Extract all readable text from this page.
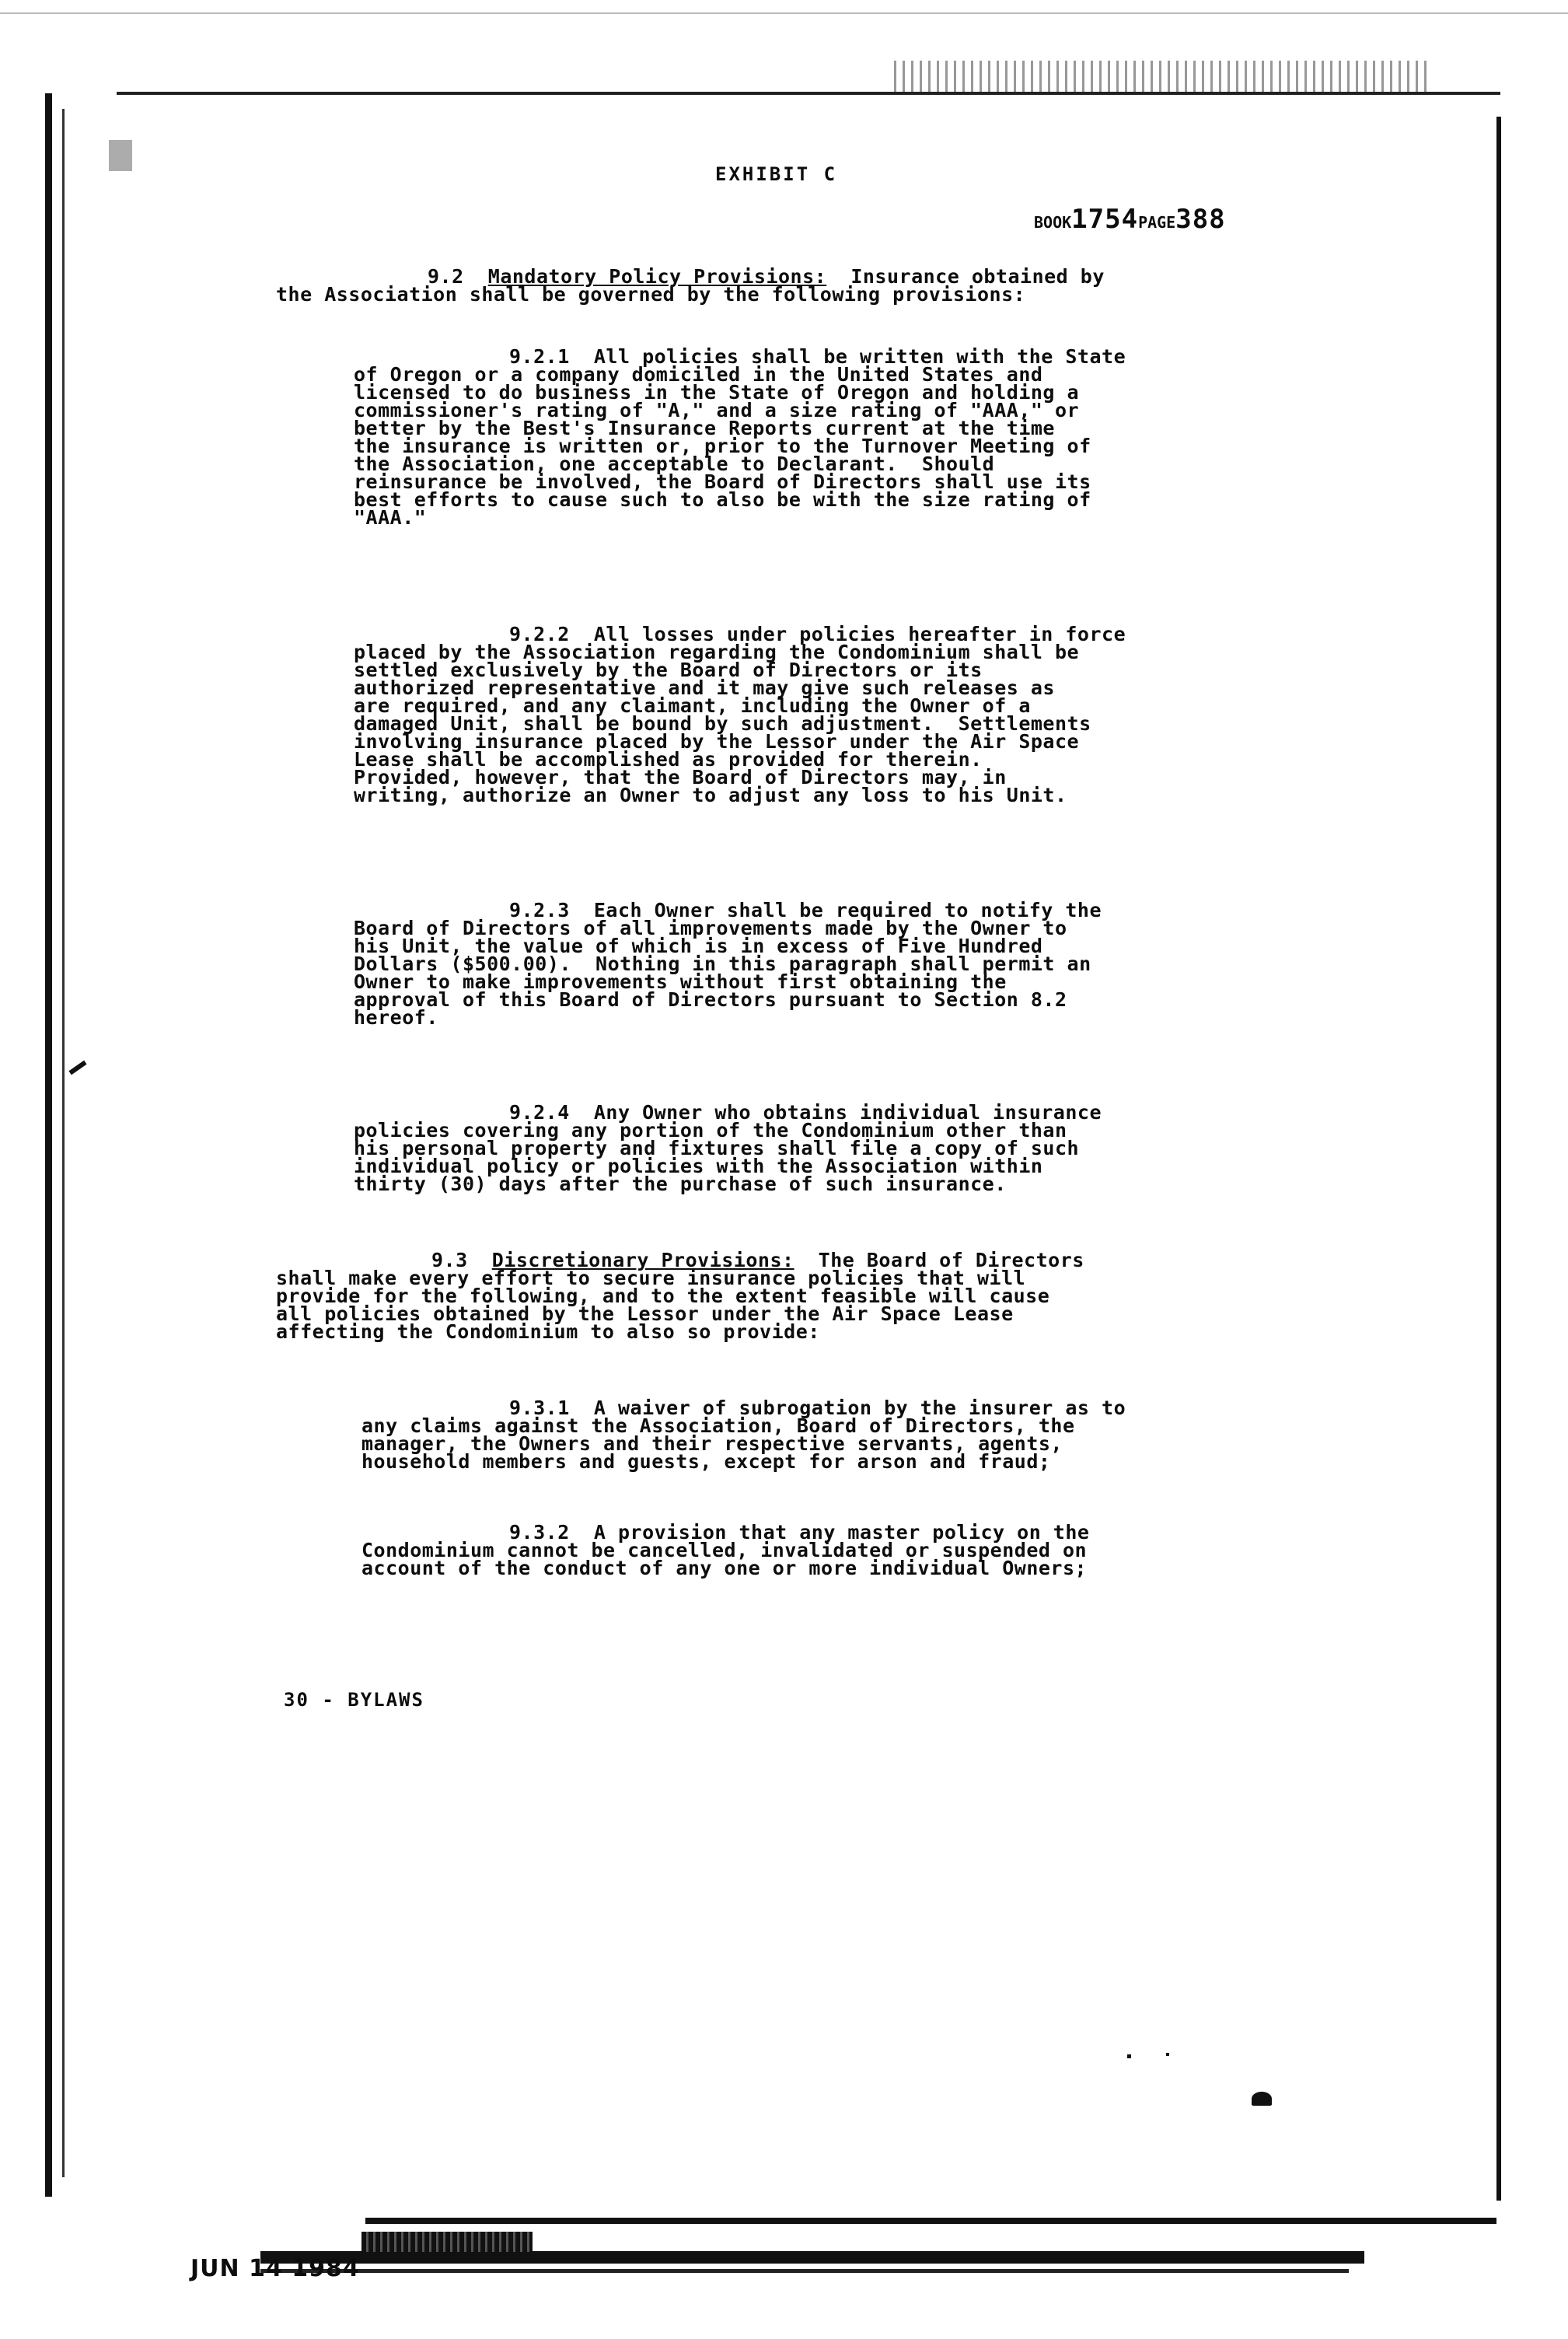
EXHIBIT C
BOOK1754PAGE388
9.2 Mandatory Policy Provisions: Insurance obtained by
the Association shall be governed by the following provisions:
9.2.1  All policies shall be written with the State
of Oregon or a company domiciled in the United States and
licensed to do business in the State of Oregon and holding a
commissioner's rating of "A," and a size rating of "AAA," or
better by the Best's Insurance Reports current at the time
the insurance is written or, prior to the Turnover Meeting of
the Association, one acceptable to Declarant.  Should
reinsurance be involved, the Board of Directors shall use its
best efforts to cause such to also be with the size rating of
"AAA."
9.2.2  All losses under policies hereafter in force
placed by the Association regarding the Condominium shall be
settled exclusively by the Board of Directors or its
authorized representative and it may give such releases as
are required, and any claimant, including the Owner of a
damaged Unit, shall be bound by such adjustment.  Settlements
involving insurance placed by the Lessor under the Air Space
Lease shall be accomplished as provided for therein.
Provided, however, that the Board of Directors may, in
writing, authorize an Owner to adjust any loss to his Unit.
9.2.3  Each Owner shall be required to notify the
Board of Directors of all improvements made by the Owner to
his Unit, the value of which is in excess of Five Hundred
Dollars ($500.00).  Nothing in this paragraph shall permit an
Owner to make improvements without first obtaining the
approval of this Board of Directors pursuant to Section 8.2
hereof.
9.2.4  Any Owner who obtains individual insurance
policies covering any portion of the Condominium other than
his personal property and fixtures shall file a copy of such
individual policy or policies with the Association within
thirty (30) days after the purchase of such insurance.
9.3 Discretionary Provisions: The Board of Directors
shall make every effort to secure insurance policies that will
provide for the following, and to the extent feasible will cause
all policies obtained by the Lessor under the Air Space Lease
affecting the Condominium to also so provide:
9.3.1  A waiver of subrogation by the insurer as to
any claims against the Association, Board of Directors, the
manager, the Owners and their respective servants, agents,
household members and guests, except for arson and fraud;
9.3.2  A provision that any master policy on the
Condominium cannot be cancelled, invalidated or suspended on
account of the conduct of any one or more individual Owners;
30 - BYLAWS
JUN 14 1984
